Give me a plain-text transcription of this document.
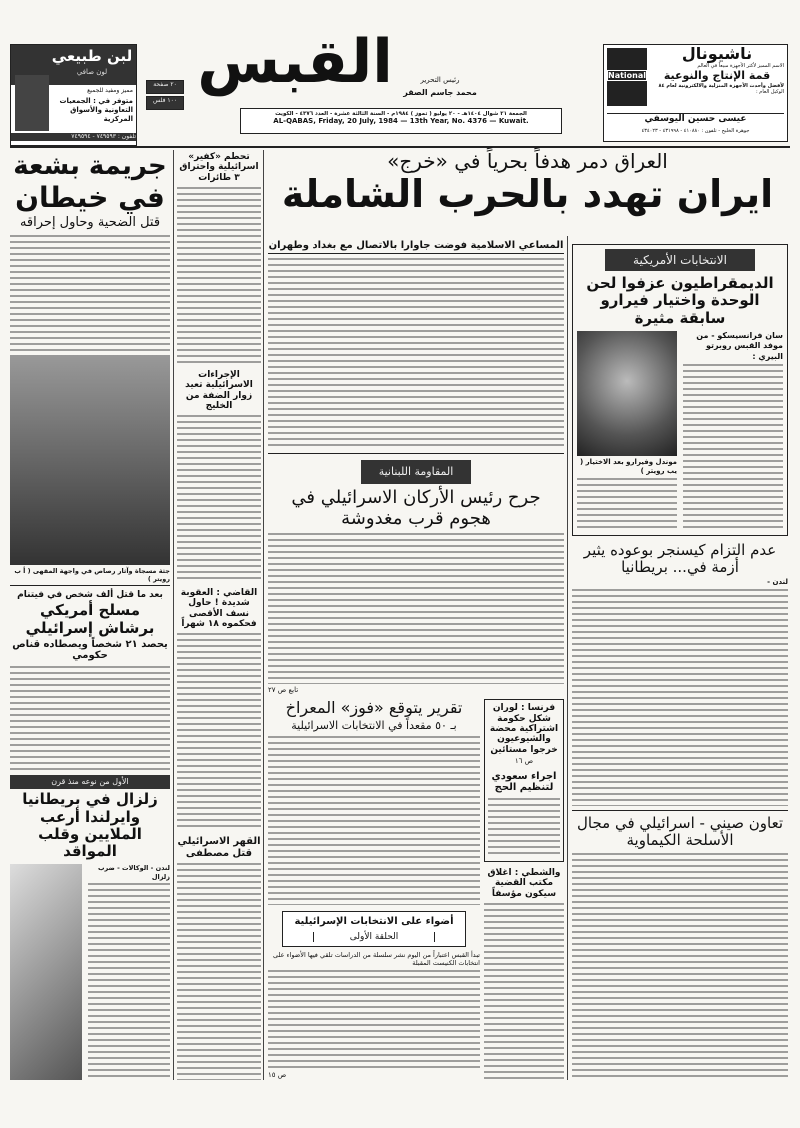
لبن طبيعي
لون صافي
مميز ومفيد للجميع
متوفر في : الجمعيات التعاونية والأسواق المركزية
تلفون : ٧٤٩٥٩٣ - ٧٤٩٥٩٤
٢٠ صفحة
١٠٠ فلس
القبس	رئيس التحرير
محمد جاسم الصقر
الجمعة ٢١ شوال ١٤٠٤هـ - ٢٠ يوليو ( تموز ) ١٩٨٤م - السنة الثالثة عشرة - العدد ٤٣٧٦ - الكويت
AL-QABAS, Friday, 20 July, 1984 — 13th Year, No. 4376 — Kuwait.
National
ناشيونال
الاسم المميز لأكثر الأجهزة مبيعاً في العالم
قمة الإنتاج والنوعية
لأفضل وأحدث الأجهزة المنزلية والالكترونية لعام ٨٤
الوكيل العام :
عيسى حسين اليوسفي
جوهرة الخليج - تلفون : ٤١٠٨٨٠ - ٤٣١٩٩٨ - ٤٣٤٠٢٣
العراق دمر هدفاً بحرياً في «خرج»
ايران تهدد بالحرب الشاملة
جريمة بشعة
في خيطان
قتل الضحية وحاول إحراقه
جثة مسجاة وآثار رصاص في واجهة المقهى ( أ ب رويتر )
بعد ما قتل ألف شخص في فيتنام
مسلح أمريكي برشاش إسرائيلي
يحصد ٢١ شخصاً ويصطاده قناص حكومي
الأول من نوعه منذ قرن
زلزال في بريطانيا وايرلندا أرعب الملايين وقلب المواقد
لندن - الوكالات - ضرب زلزال
تحطم «كفير» اسرائيلية واحتراق ٣ طائرات
الإجراءات الاسرائيلية تعيد زوار الضفة من الخليج
القاضي : العقوبة شديدة ! حاول نسف الأقصى فحكموه ١٨ شهراً
القهر الاسرائيلي قتل مصطفى
المساعي الاسلامية فوضت جاوارا بالاتصال مع بغداد وطهران
المقاومة اللبنانية
جرح رئيس الأركان الاسرائيلي في هجوم قرب مغدوشة
تابع ص ٢٧
تقرير يتوقع «فوز» المعراخ
بـ ٥٠ مقعداً في الانتخابات الاسرائيلية
أضواء على الانتخابات الإسرائيلية
الحلقة الأولى
تبدأ القبس اعتباراً من اليوم نشر سلسلة من الدراسات تلقي فيها الأضواء على انتخابات الكنيست المقبلة
ص ١٥
فرنسا : لوران شكل حكومة اشتراكية محضة والشيوعيون خرجوا مستائين
ص ١٦
اجراء سعودي لتنظيم الحج
والشطي : اغلاق مكتب القضية سيكون مؤسفاً
الانتخابات الأمريكية
الديمقراطيون عزفوا لحن الوحدة واختيار فيرارو سابقة مثيرة
موندل وفيرارو بعد الاختيار ( يب رويتر )
سان فرانسيسكو - من موفد القبس روبرتو البيري :
عدم التزام كيسنجر بوعوده يثير أزمة في... بريطانيا
لندن -
تعاون صيني - اسرائيلي في مجال الأسلحة الكيماوية
